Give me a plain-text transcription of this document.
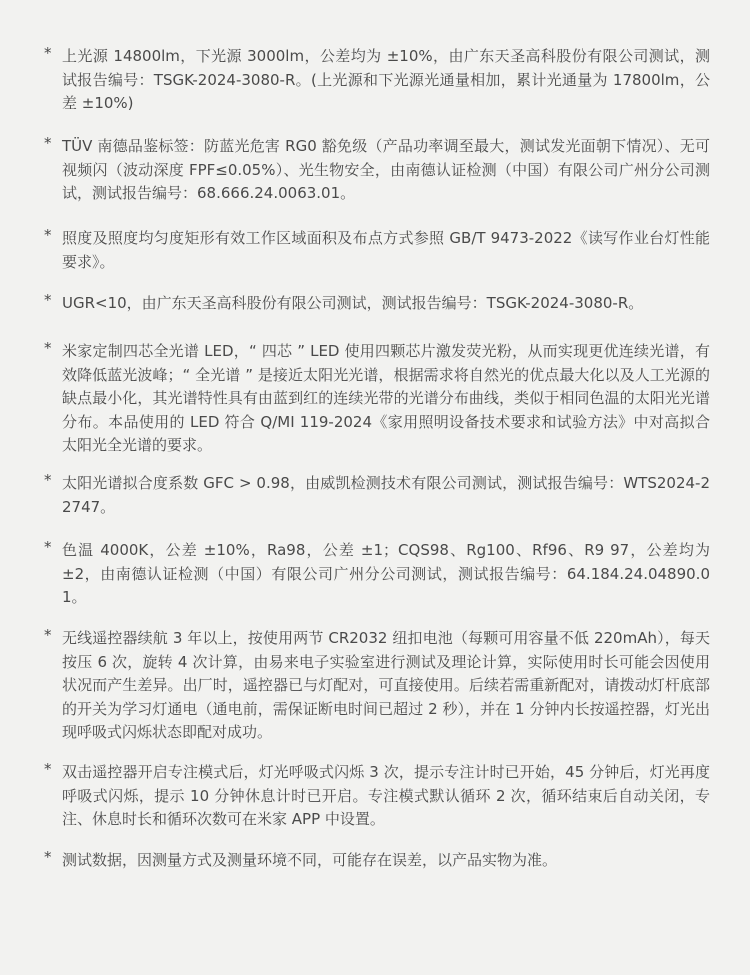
* 上光源 14800lm，下光源 3000lm，公差均为 ±10%，由广东天圣高科股份有限公司测试，测试报告编号：TSGK-2024-3080-R。(上光源和下光源光通量相加，累计光通量为 17800lm，公差 ±10%)
* TÜV 南德品鉴标签：防蓝光危害 RG0 豁免级（产品功率调至最大，测试发光面朝下情况）、无可视频闪（波动深度 FPF≤0.05%）、光生物安全，由南德认证检测（中国）有限公司广州分公司测试，测试报告编号：68.666.24.0063.01。
* 照度及照度均匀度矩形有效工作区域面积及布点方式参照 GB/T 9473-2022《读写作业台灯性能要求》。
* UGR<10，由广东天圣高科股份有限公司测试，测试报告编号：TSGK-2024-3080-R。
* 米家定制四芯全光谱 LED，“ 四芯 ” LED 使用四颗芯片激发荧光粉，从而实现更优连续光谱，有效降低蓝光波峰；“ 全光谱 ” 是接近太阳光光谱，根据需求将自然光的优点最大化以及人工光源的缺点最小化，其光谱特性具有由蓝到红的连续光带的光谱分布曲线，类似于相同色温的太阳光光谱分布。本品使用的 LED 符合 Q/MI 119-2024《家用照明设备技术要求和试验方法》中对高拟合太阳光全光谱的要求。
* 太阳光谱拟合度系数 GFC > 0.98，由威凯检测技术有限公司测试，测试报告编号：WTS2024-22747。
* 色温 4000K，公差 ±10%，Ra98，公差 ±1；CQS98、Rg100、Rf96、R9 97，公差均为 ±2，由南德认证检测（中国）有限公司广州分公司测试，测试报告编号：64.184.24.04890.01。
* 无线遥控器续航 3 年以上，按使用两节 CR2032 纽扣电池（每颗可用容量不低 220mAh），每天按压 6 次，旋转 4 次计算，由易来电子实验室进行测试及理论计算，实际使用时长可能会因使用状况而产生差异。出厂时，遥控器已与灯配对，可直接使用。后续若需重新配对，请拨动灯杆底部的开关为学习灯通电（通电前，需保证断电时间已超过 2 秒），并在 1 分钟内长按遥控器，灯光出现呼吸式闪烁状态即配对成功。
* 双击遥控器开启专注模式后，灯光呼吸式闪烁 3 次，提示专注计时已开始，45 分钟后，灯光再度呼吸式闪烁，提示 10 分钟休息计时已开启。专注模式默认循环 2 次，循环结束后自动关闭，专注、休息时长和循环次数可在米家 APP 中设置。
* 测试数据，因测量方式及测量环境不同，可能存在误差，以产品实物为准。
